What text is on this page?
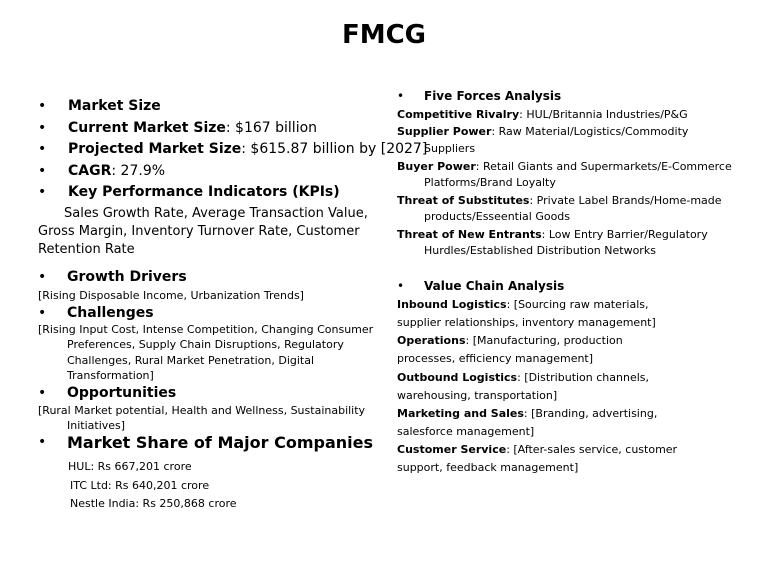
FMCG
• Market Size
• Current Market Size: $167 billion
• Projected Market Size: $615.87 billion by [2027]
• CAGR: 27.9%
• Key Performance Indicators (KPIs)
Sales Growth Rate, Average Transaction Value,
Gross Margin, Inventory Turnover Rate, Customer
Retention Rate
• Growth Drivers
[Rising Disposable Income, Urbanization Trends]
• Challenges
[Rising Input Cost, Intense Competition, Changing Consumer
Preferences, Supply Chain Disruptions, Regulatory
Challenges, Rural Market Penetration, Digital
Transformation]
• Opportunities
[Rural Market potential, Health and Wellness, Sustainability
Initiatives]
• Market Share of Major Companies
HUL: Rs 667,201 crore
ITC Ltd: Rs 640,201 crore
Nestle India: Rs 250,868 crore
• Five Forces Analysis
Competitive Rivalry: HUL/Britannia Industries/P&G
Supplier Power: Raw Material/Logistics/Commodity
Suppliers
Buyer Power: Retail Giants and Supermarkets/E-Commerce
Platforms/Brand Loyalty
Threat of Substitutes: Private Label Brands/Home-made
products/Esseential Goods
Threat of New Entrants: Low Entry Barrier/Regulatory
Hurdles/Established Distribution Networks
• Value Chain Analysis
Inbound Logistics: [Sourcing raw materials,
supplier relationships, inventory management]
Operations: [Manufacturing, production
processes, efficiency management]
Outbound Logistics: [Distribution channels,
warehousing, transportation]
Marketing and Sales: [Branding, advertising,
salesforce management]
Customer Service: [After-sales service, customer
support, feedback management]
